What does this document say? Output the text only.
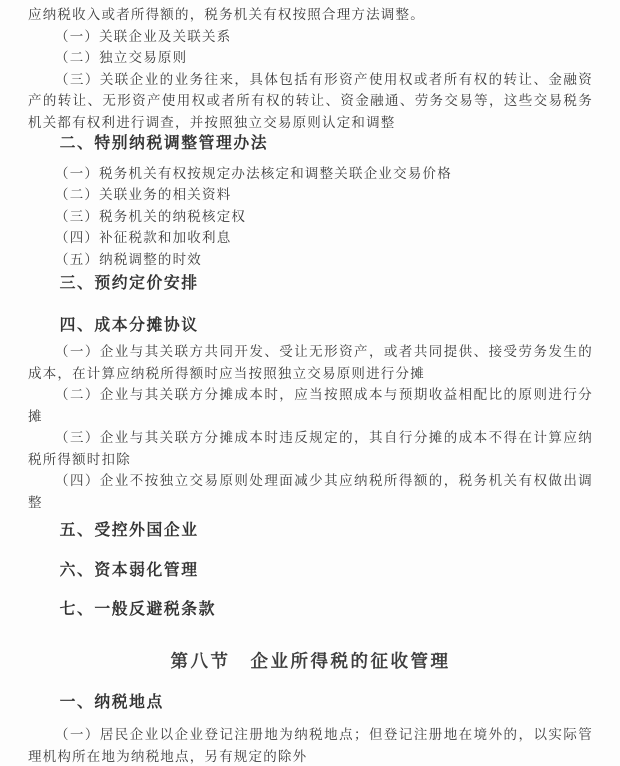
应纳税收入或者所得额的，税务机关有权按照合理方法调整。

（一）关联企业及关联关系

（二）独立交易原则

（三）关联企业的业务往来，具体包括有形资产使用权或者所有权的转让、金融资产的转让、无形资产使用权或者所有权的转让、资金融通、劳务交易等，这些交易税务机关都有权利进行调查，并按照独立交易原则认定和调整

二、特别纳税调整管理办法

（一）税务机关有权按规定办法核定和调整关联企业交易价格

（二）关联业务的相关资料

（三）税务机关的纳税核定权

（四）补征税款和加收利息

（五）纳税调整的时效

三、预约定价安排
四、成本分摊协议

（一）企业与其关联方共同开发、受让无形资产，或者共同提供、接受劳务发生的成本，在计算应纳税所得额时应当按照独立交易原则进行分摊

（二）企业与其关联方分摊成本时，应当按照成本与预期收益相配比的原则进行分摊

（三）企业与其关联方分摊成本时违反规定的，其自行分摊的成本不得在计算应纳税所得额时扣除

（四）企业不按独立交易原则处理面减少其应纳税所得额的，税务机关有权做出调整

五、受控外国企业
六、资本弱化管理
七、一般反避税条款
第八节　企业所得税的征收管理
一、纳税地点

（一）居民企业以企业登记注册地为纳税地点；但登记注册地在境外的，以实际管理机构所在地为纳税地点，另有规定的除外
